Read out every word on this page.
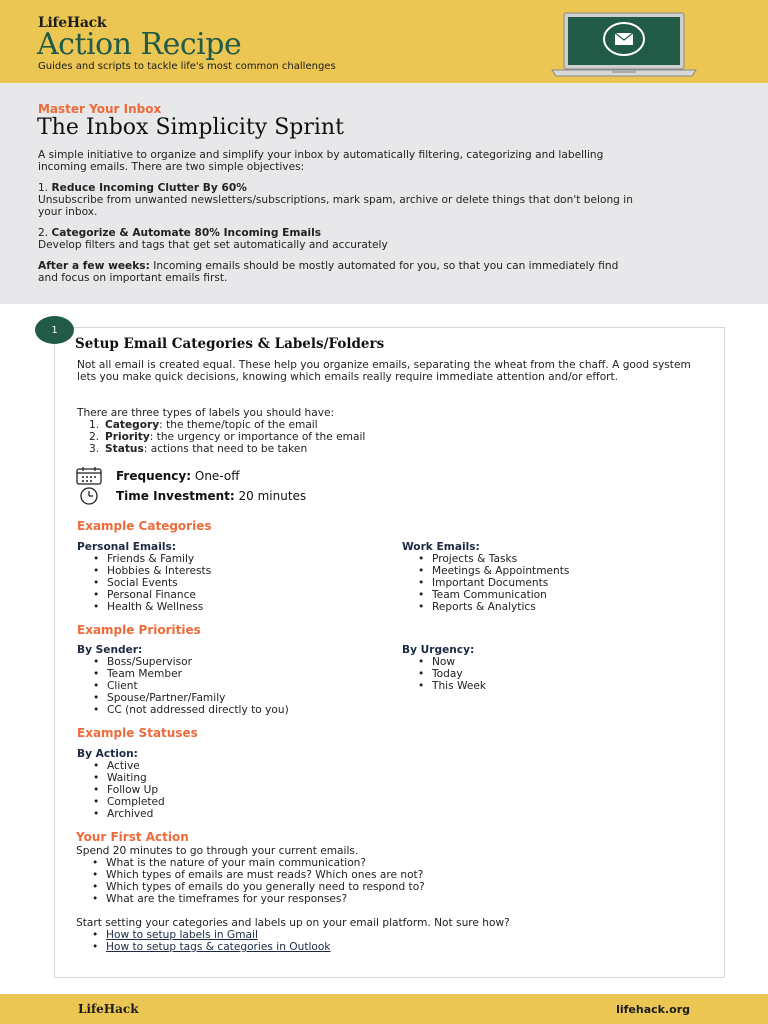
LifeHack
Action Recipe
Guides and scripts to tackle life's most common challenges
Master Your Inbox
The Inbox Simplicity Sprint

A simple initiative to organize and simplify your inbox by automatically filtering, categorizing and labelling incoming emails. There are two simple objectives:

1. Reduce Incoming Clutter By 60%
Unsubscribe from unwanted newsletters/subscriptions, mark spam, archive or delete things that don't belong in your inbox.

2. Categorize & Automate 80% Incoming Emails
Develop filters and tags that get set automatically and accurately

After a few weeks: Incoming emails should be mostly automated for you, so that you can immediately find and focus on important emails first.

1
Setup Email Categories & Labels/Folders
Not all email is created equal. These help you organize emails, separating the wheat from the chaff. A good system lets you make quick decisions, knowing which emails really require immediate attention and/or effort.
There are three types of labels you should have:
1. Category: the theme/topic of the email
2. Priority: the urgency or importance of the email
3. Status: actions that need to be taken
Frequency: One-off
Time Investment: 20 minutes
Example Categories
Personal Emails:
• Friends & Family
• Hobbies & Interests
• Social Events
• Personal Finance
• Health & Wellness
Work Emails:
• Projects & Tasks
• Meetings & Appointments
• Important Documents
• Team Communication
• Reports & Analytics
Example Priorities
By Sender:
• Boss/Supervisor
• Team Member
• Client
• Spouse/Partner/Family
• CC (not addressed directly to you)
By Urgency:
• Now
• Today
• This Week
Example Statuses
By Action:
• Active
• Waiting
• Follow Up
• Completed
• Archived
Your First Action
Spend 20 minutes to go through your current emails.
• What is the nature of your main communication?
• Which types of emails are must reads? Which ones are not?
• Which types of emails do you generally need to respond to?
• What are the timeframes for your responses?
Start setting your categories and labels up on your email platform. Not sure how?
• How to setup labels in Gmail
• How to setup tags & categories in Outlook
LifeHack	lifehack.org
